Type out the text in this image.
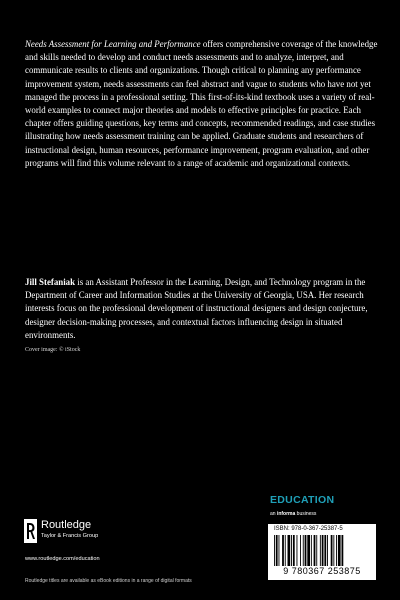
Needs Assessment for Learning and Performance offers comprehensive coverage of the knowledge and skills needed to develop and conduct needs assessments and to analyze, interpret, and communicate results to clients and organizations. Though critical to planning any performance improvement system, needs assessments can feel abstract and vague to students who have not yet managed the process in a professional setting. This first-of-its-kind textbook uses a variety of real-world examples to connect major theories and models to effective principles for practice. Each chapter offers guiding questions, key terms and concepts, recommended readings, and case studies illustrating how needs assessment training can be applied. Graduate students and researchers of instructional design, human resources, performance improvement, program evaluation, and other programs will find this volume relevant to a range of academic and organizational contexts.

Jill Stefaniak is an Assistant Professor in the Learning, Design, and Technology program in the Department of Career and Information Studies at the University of Georgia, USA. Her research interests focus on the professional development of instructional designers and design conjecture, designer decision-making processes, and contextual factors influencing design in situated environments.

Cover image: © iStock
EDUCATION
an informa business
Routledge
Taylor & Francis Group
www.routledge.com/education
Routledge titles are available as eBook editions in a range of digital formats
ISBN: 978-0-367-25387-5
9 780367 253875
